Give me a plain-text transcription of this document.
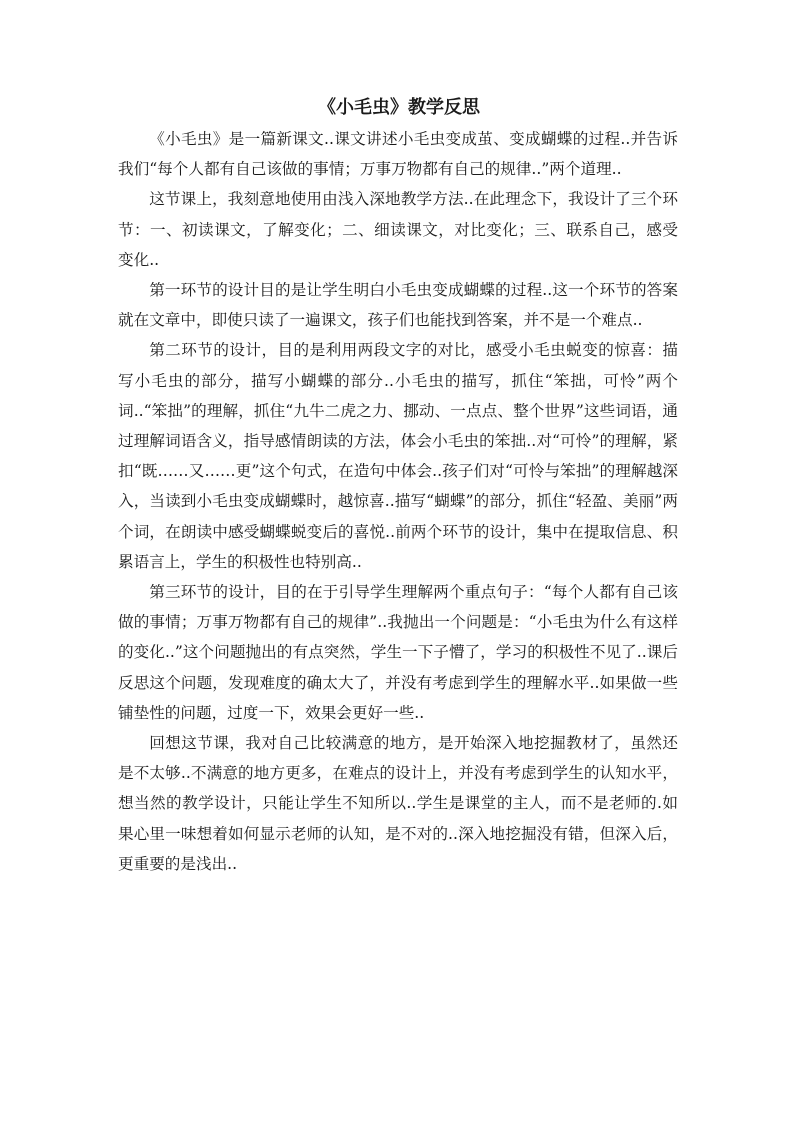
《小毛虫》教学反思

《小毛虫》是一篇新课文..课文讲述小毛虫变成茧、变成蝴蝶的过程..并告诉我们“每个人都有自己该做的事情；万事万物都有自己的规律..”两个道理..

这节课上，我刻意地使用由浅入深地教学方法..在此理念下，我设计了三个环节：一、初读课文，了解变化；二、细读课文，对比变化；三、联系自己，感受变化..

第一环节的设计目的是让学生明白小毛虫变成蝴蝶的过程..这一个环节的答案就在文章中，即使只读了一遍课文，孩子们也能找到答案，并不是一个难点..

第二环节的设计，目的是利用两段文字的对比，感受小毛虫蜕变的惊喜：描写小毛虫的部分，描写小蝴蝶的部分..小毛虫的描写，抓住“笨拙，可怜”两个词..“笨拙”的理解，抓住“九牛二虎之力、挪动、一点点、整个世界”这些词语，通过理解词语含义，指导感情朗读的方法，体会小毛虫的笨拙..对“可怜”的理解，紧扣“既……又……更”这个句式，在造句中体会..孩子们对“可怜与笨拙”的理解越深入，当读到小毛虫变成蝴蝶时，越惊喜..描写“蝴蝶”的部分，抓住“轻盈、美丽”两个词，在朗读中感受蝴蝶蜕变后的喜悦..前两个环节的设计，集中在提取信息、积累语言上，学生的积极性也特别高..

第三环节的设计，目的在于引导学生理解两个重点句子：“每个人都有自己该做的事情；万事万物都有自己的规律”..我抛出一个问题是：“小毛虫为什么有这样的变化..”这个问题抛出的有点突然，学生一下子懵了，学习的积极性不见了..课后反思这个问题，发现难度的确太大了，并没有考虑到学生的理解水平..如果做一些铺垫性的问题，过度一下，效果会更好一些..

回想这节课，我对自己比较满意的地方，是开始深入地挖掘教材了，虽然还是不太够..不满意的地方更多，在难点的设计上，并没有考虑到学生的认知水平，想当然的教学设计，只能让学生不知所以..学生是课堂的主人，而不是老师的.如果心里一味想着如何显示老师的认知，是不对的..深入地挖掘没有错，但深入后，更重要的是浅出..
